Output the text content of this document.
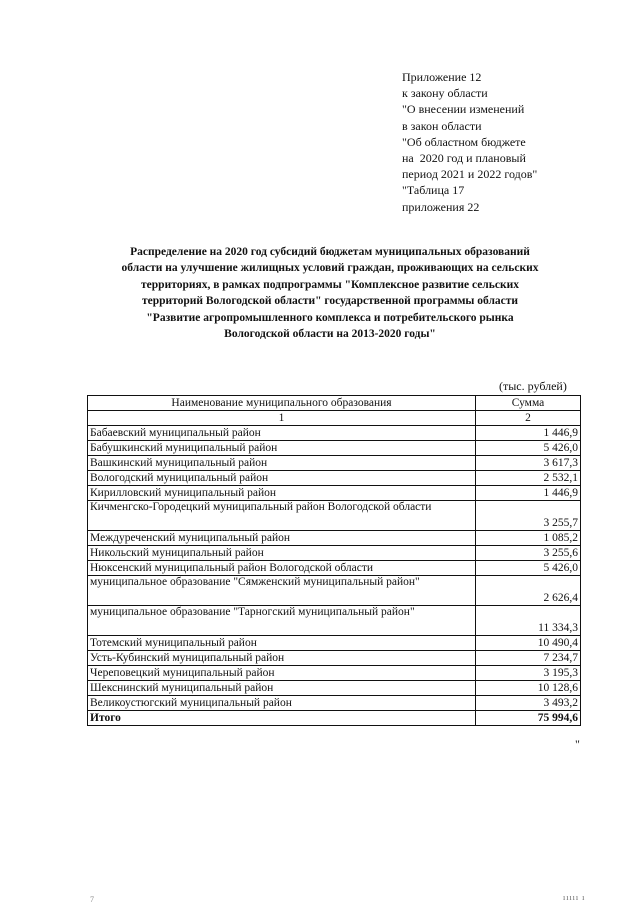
Приложение 12
к закону области
"О внесении изменений
в закон области
"Об областном бюджете
на  2020 год и плановый
период 2021 и 2022 годов"
"Таблица 17
приложения 22
Распределение на 2020 год субсидий бюджетам муниципальных образований
области на улучшение жилищных условий граждан, проживающих на сельских
территориях, в рамках подпрограммы "Комплексное развитие сельских
территорий Вологодской области" государственной программы области
"Развитие агропромышленного комплекса и потребительского рынка
Вологодской области на 2013-2020 годы"
(тыс. рублей)
Наименование муниципального образования	Сумма
1	2
Бабаевский муниципальный район	1 446,9
Бабушкинский муниципальный район	5 426,0
Вашкинский муниципальный район	3 617,3
Вологодский муниципальный район	2 532,1
Кирилловский муниципальный район	1 446,9
Кичменгско-Городецкий муниципальный район Вологодской области	3 255,7
Междуреченский муниципальный район	1 085,2
Никольский муниципальный район	3 255,6
Нюксенский муниципальный район Вологодской области	5 426,0
муниципальное образование "Сямженский муниципальный район"	2 626,4
муниципальное образование "Тарногский муниципальный район"	11 334,3
Тотемский муниципальный район	10 490,4
Усть-Кубинский муниципальный район	7 234,7
Череповецкий муниципальный район	3 195,3
Шекснинский муниципальный район	10 128,6
Великоустюгский муниципальный район	3 493,2
Итого	75 994,6
"
7	ııııı ı
